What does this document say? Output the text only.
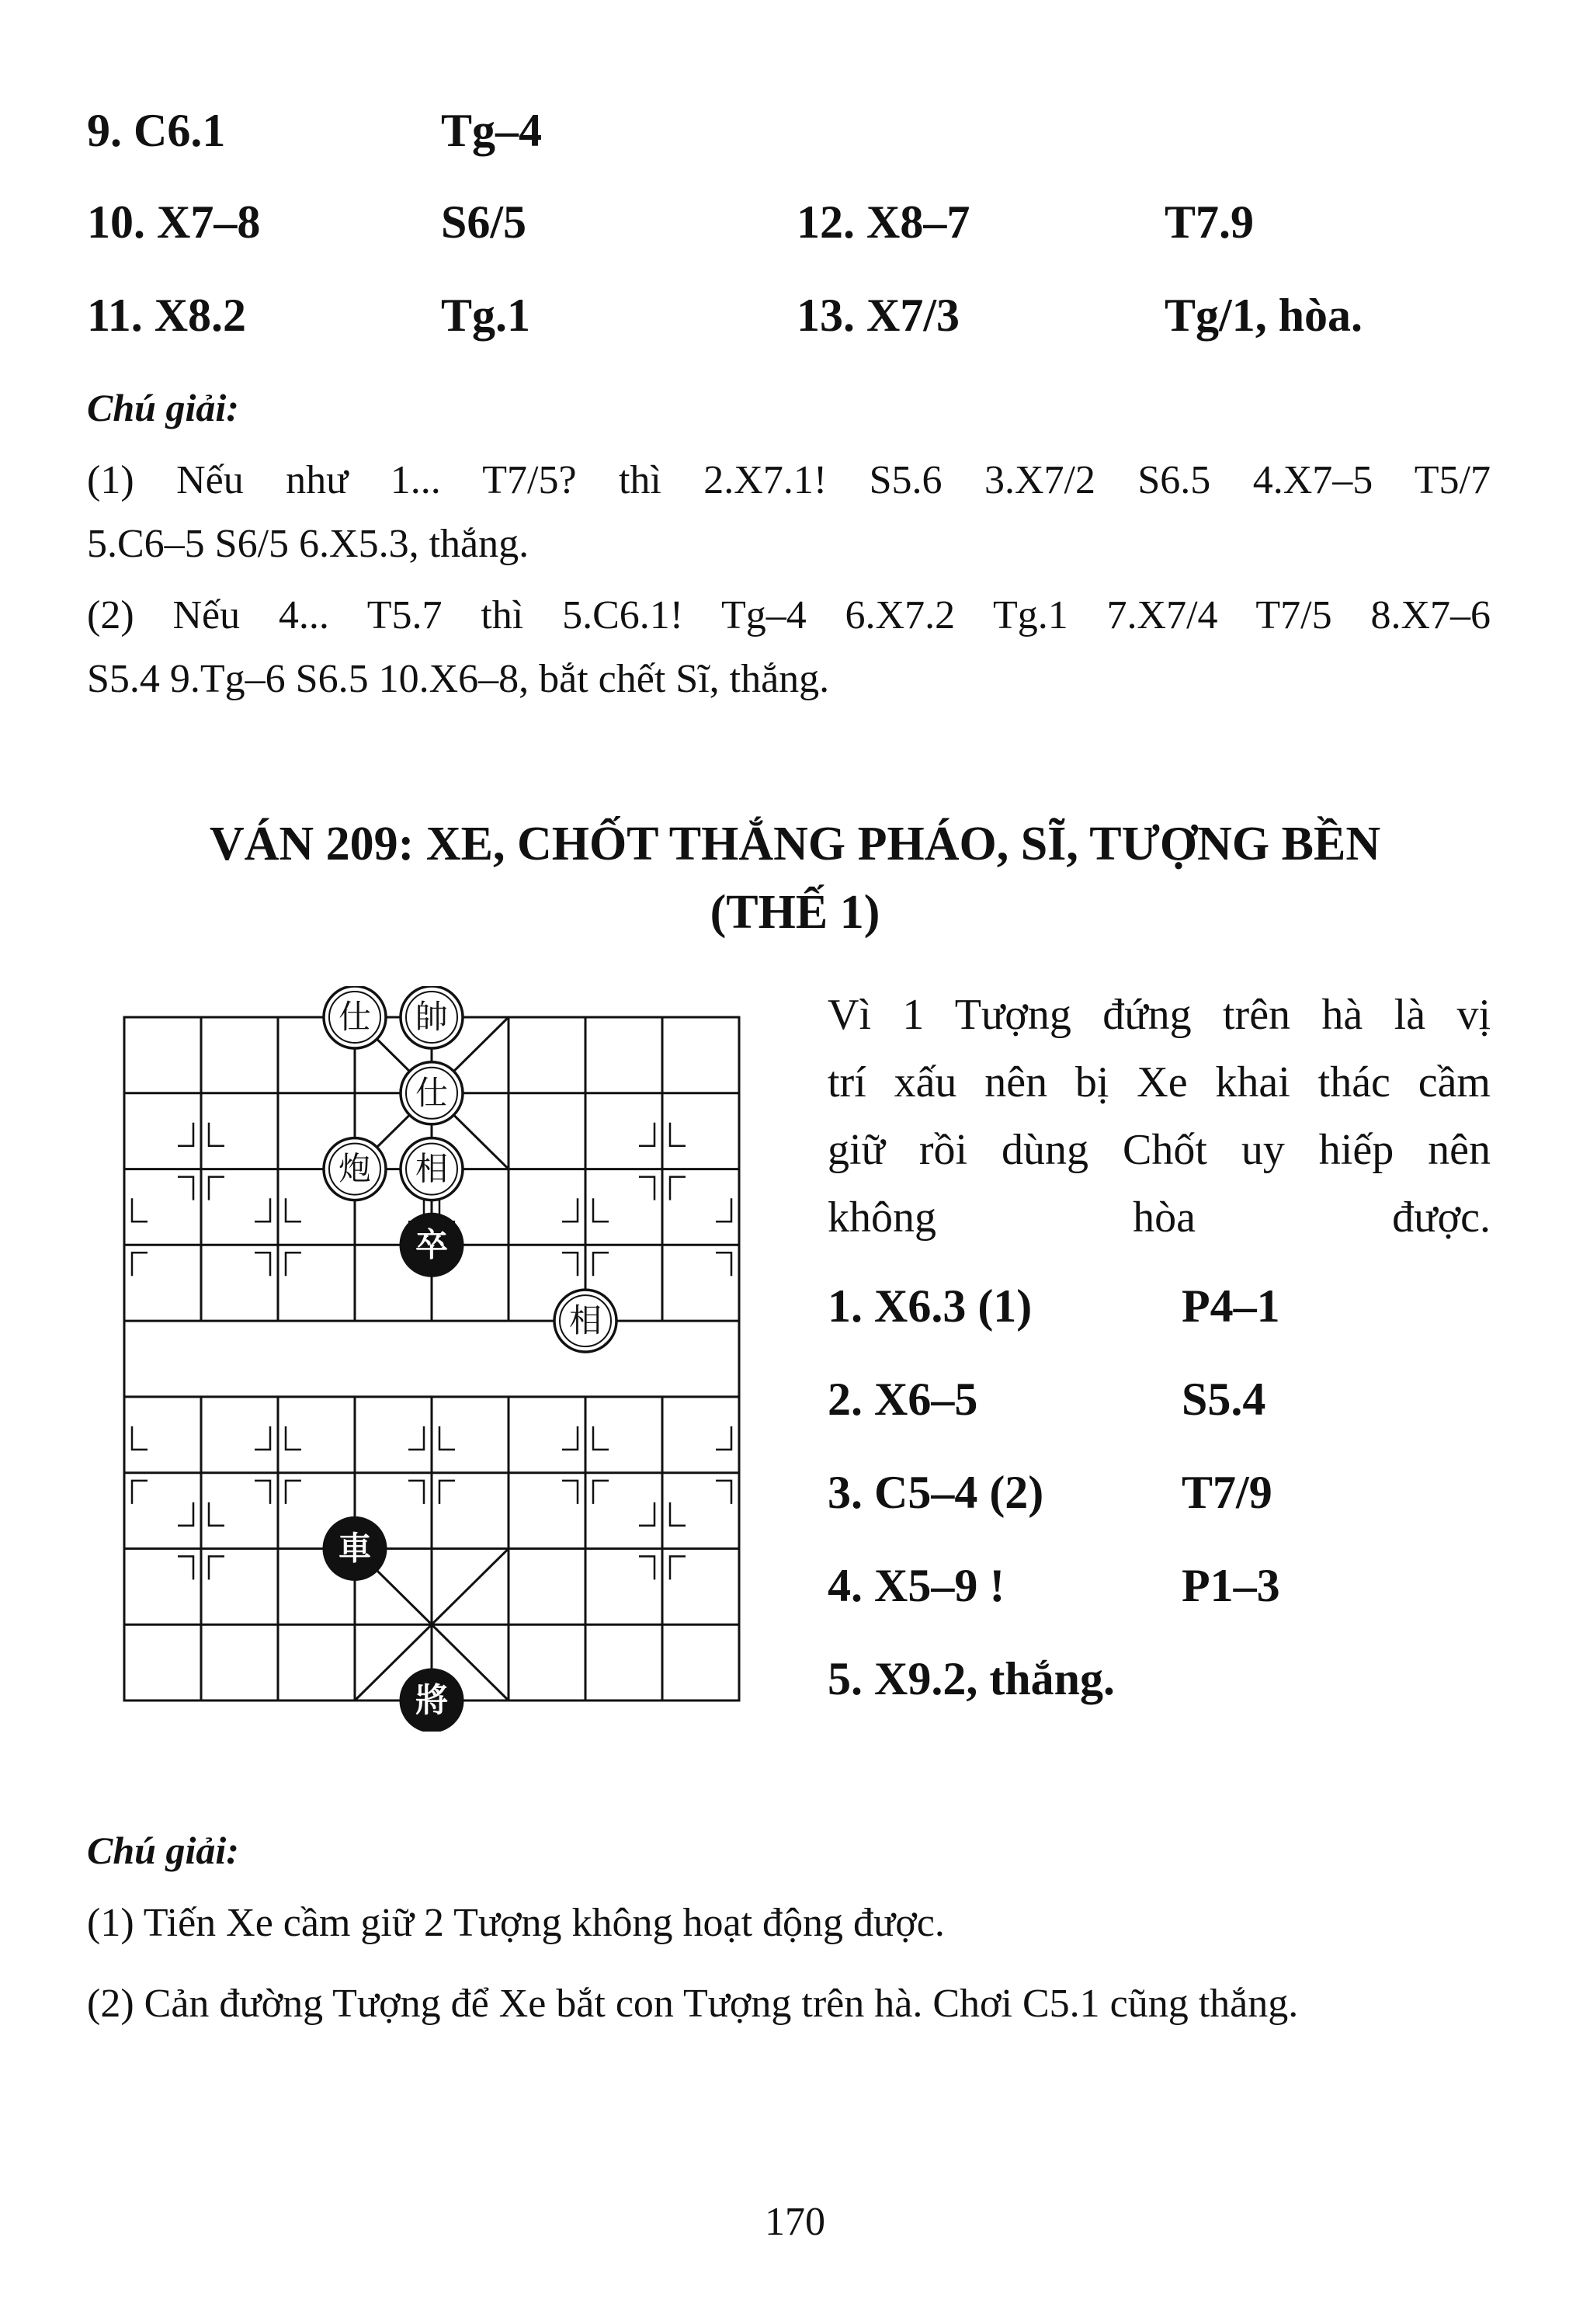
9. C6.1	Tg–4
10. X7–8	S6/5	12. X8–7	T7.9
11. X8.2	Tg.1	13. X7/3	Tg/1, hòa.
Chú giải:
(1) Nếu như 1... T7/5? thì 2.X7.1! S5.6 3.X7/2 S6.5 4.X7–5 T5/7
5.C6–5 S6/5 6.X5.3, thắng.
(2) Nếu 4... T5.7 thì 5.C6.1! Tg–4 6.X7.2 Tg.1 7.X7/4 T7/5 8.X7–6
S5.4 9.Tg–6 S6.5 10.X6–8, bắt chết Sĩ, thắng.
VÁN 209: XE, CHỐT THẮNG PHÁO, SĨ, TƯỢNG BỀN
(THẾ 1)
仕 帥
仕
炮 相
卒
相
車
將
Vì 1 Tượng đứng trên hà là vị
trí xấu nên bị Xe khai thác cầm
giữ rồi dùng Chốt uy hiếp nên
không hòa được.
1. X6.3 (1)	P4–1
2. X6–5	S5.4
3. C5–4 (2)	T7/9
4. X5–9 !	P1–3
5. X9.2, thắng.
Chú giải:
(1) Tiến Xe cầm giữ 2 Tượng không hoạt động được.
(2) Cản đường Tượng để Xe bắt con Tượng trên hà. Chơi C5.1 cũng thắng.
170
